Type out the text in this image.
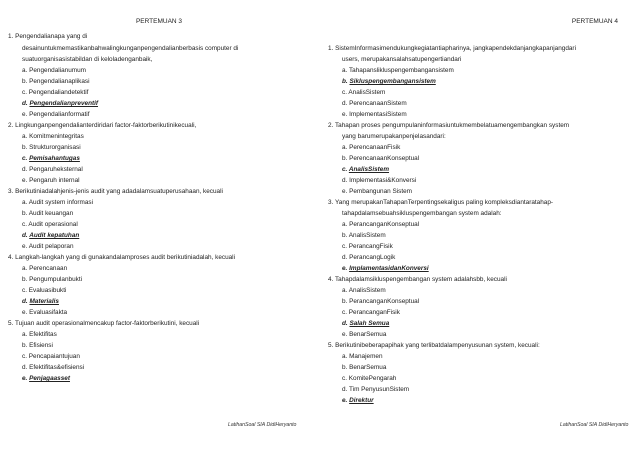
PERTEMUAN 3
1. Pengendalianapa yang di
desainuntukmemastikanbahwalingkunganpengendalianberbasis computer di
suatuorganisasistabildan di keloladenganbaik,
a. Pengendalianumum
b. Pengendalianaplikasi
c. Pengendaliandetektif
d. Pengendalianpreventif
e. Pengendalianformatif
2. Lingkunganpengendalianterdiridari factor-faktorberikutinikecuali,
a. Komitmenintegritas
b. Strukturorganisasi
c. Pemisahantugas
d. Pengaruheksternal
e. Pengaruh internal
3. Berikutiniadalahjenis-jenis audit yang adadalamsuatuperusahaan, kecuali
a. Audit system informasi
b. Audit keuangan
c. Audit operasional
d. Audit kepatuhan
e. Audit pelaporan
4. Langkah-langkah yang di gunakandalamproses audit berikutiniadalah, kecuali
a. Perencanaan
b. Pengumpulanbukti
c. Evaluasibukti
d. Materialis
e. Evaluasifakta
5. Tujuan audit operasionalmencakup factor-faktorberikutini, kecuali
a. Efektifitas
b. Efisiensi
c. Pencapaiantujuan
d. Efektifitas&efisiensi
e. Penjagaasset
LatihanSoal SIA DidiHeryanto
PERTEMUAN 4
1. SistemInformasimendukungkegiatantiapharinya, jangkapendekdanjangkapanjangdari
users, merupakansalahsatupengertiandari
a. Tahapanslikluspengembangansistem
b. Sikluspengembangansistem
c. AnalisSistem
d. PerencanaanSistem
e. ImplementasiSistem
2. Tahapan proses pengumpulaninformasiuntukmembelatuamengembangkan system
yang barumerupakanpenjelasandari:
a. PerencanaanFisik
b. PerencanaanKonseptual
c. AnalisSistem
d. Implementasi&Konversi
e. Pembangunan Sistem
3. Yang merupakanTahapanTerpentingsekaligus paling kompleksdiantaratahap-
tahapdalamsebuahsikluspengembangan system adalah:
a. PerancanganKonseptual
b. AnalisSistem
c. PerancangFisik
d. PerancangLogik
e. ImplamentasidanKonversi
4. Tahapdalamsikluspengembangan system adalahsbb, kecuali
a. AnalisSistem
b. PerancanganKonseptual
c. PerancanganFisik
d. Salah Semua
e. BenarSemua
5. Berikutinibeberapapihak yang terlibatdalampenyusunan system, kecuali:
a. Manajemen
b. BenarSemua
c. KomitePengarah
d. Tim PenyusunSistem
e. Direktur
LatihanSoal SIA DidiHeryanto
